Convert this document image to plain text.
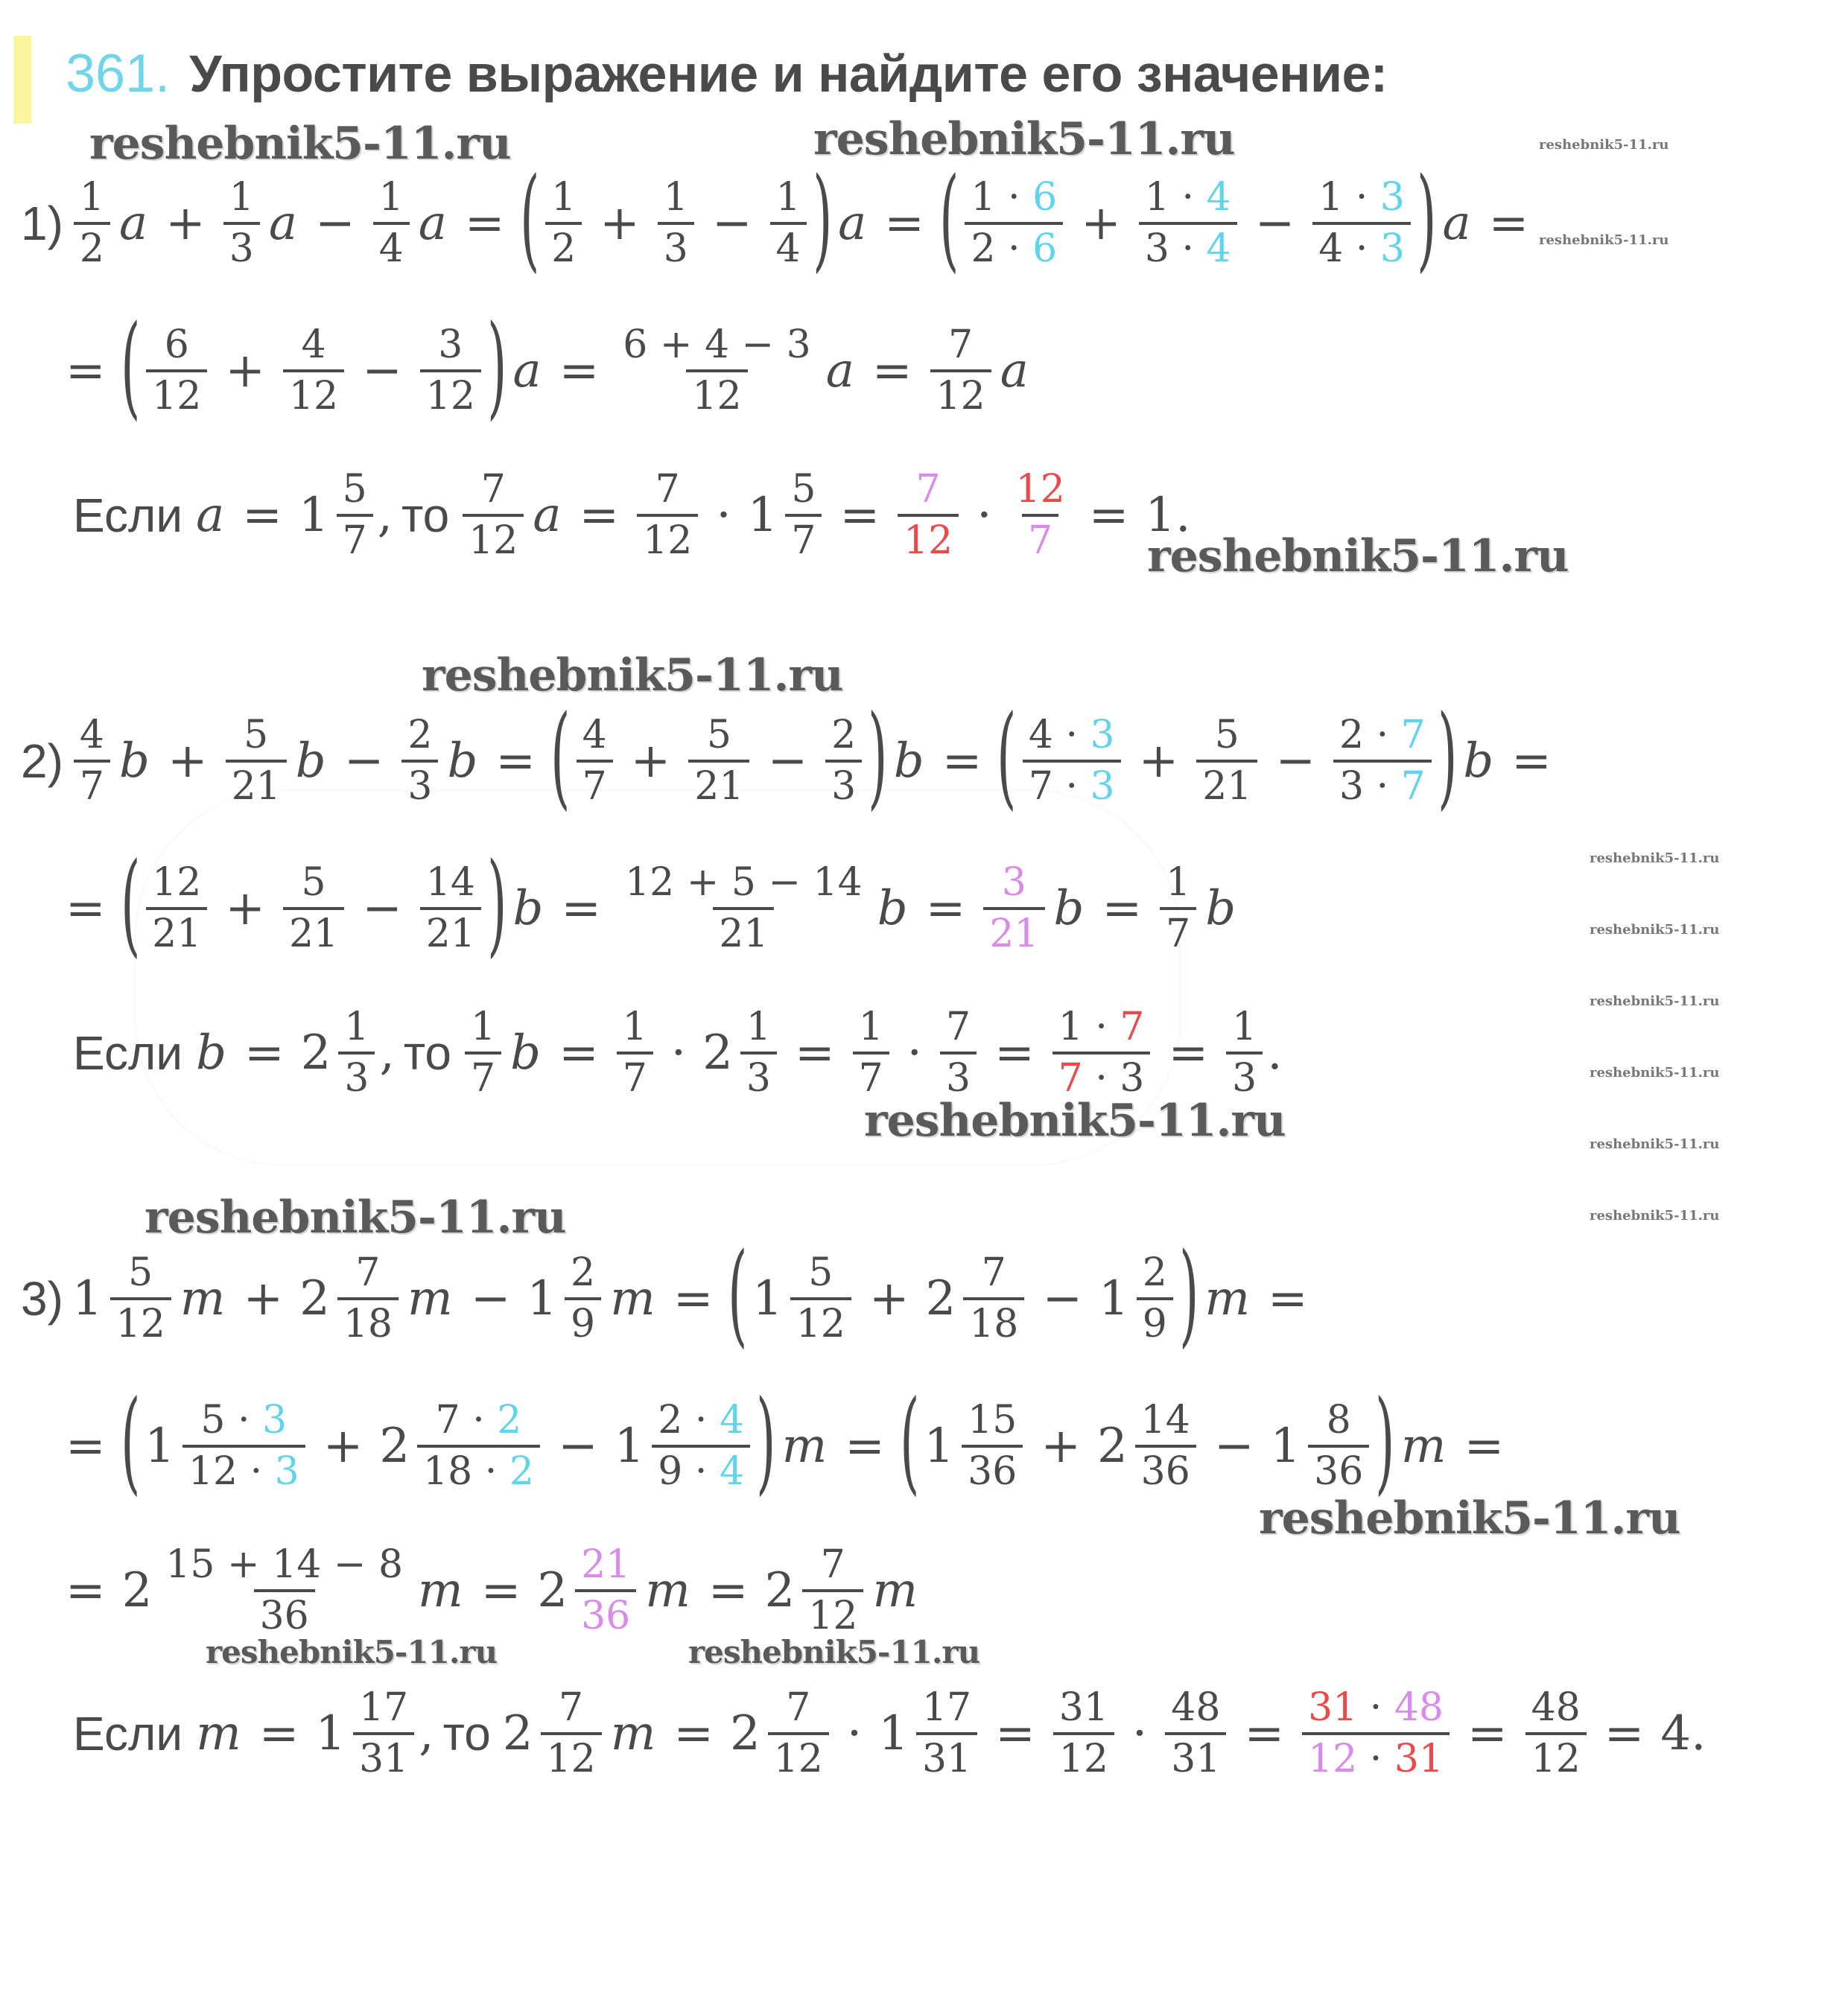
361. Упростите выражение и найдите его значение:
$1) \frac{1}{2}$ $a + \frac{1}{3}$ $a - \frac{1}{4}$ a = ( $\frac{1}{2} + \frac{1}{3} - \frac{1}{4}$ ) a = ( $\frac{1 \cdot 6}{2 \cdot 6} + \frac{1 \cdot 4}{3 \cdot 4} - \frac{1 \cdot 3}{4 \cdot 3}$ ) a =
= ( $\frac{6}{12} + \frac{4}{12} - \frac{3}{12}$ ) $a = \frac{6 + 4 - 3}{12}$ $a = \frac{7}{12}$ a
Если $a = 1 \frac{5}{7}$ , то $\frac{7}{12}$ $a = \frac{7}{12} \cdot 1 \frac{5}{7} = \frac{7}{12} \cdot \frac{12}{7} = 1$.
$2) \frac{4}{7}$ $b + \frac{5}{21}$ $b - \frac{2}{3}$ b = ( $\frac{4}{7} + \frac{5}{21} - \frac{2}{3}$ ) b = ( $\frac{4 \cdot 3}{7 \cdot 3} + \frac{5}{21} - \frac{2 \cdot 7}{3 \cdot 7}$ ) b =
= ( $\frac{12}{21} + \frac{5}{21} - \frac{14}{21}$ ) $b = \frac{12 + 5 - 14}{21}$ $b = \frac{3}{21}$ $b = \frac{1}{7}$ b
Если $b = 2 \frac{1}{3}$ , то $\frac{1}{7}$ $b = \frac{1}{7} \cdot 2 \frac{1}{3} = \frac{1}{7} \cdot \frac{7}{3} = \frac{1 \cdot 7}{7 \cdot 3} = \frac{1}{3}$ .
3) $1 \frac{5}{12}$ $m + 2 \frac{7}{18}$ $m - 1 \frac{2}{9}$ m = ( $1 \frac{5}{12} + 2 \frac{7}{18} - 1 \frac{2}{9}$ ) m =
= ( $1 \frac{5 \cdot 3}{12 \cdot 3} + 2 \frac{7 \cdot 2}{18 \cdot 2} - 1 \frac{2 \cdot 4}{9 \cdot 4}$ ) m = ( $1 \frac{15}{36} + 2 \frac{14}{36} - 1 \frac{8}{36}$ ) m =
= $2 \frac{15 + 14 - 8}{36}$ $m = 2 \frac{21}{36}$ $m = 2 \frac{7}{12}$ m
Если $m = 1 \frac{17}{31}$ , то $2 \frac{7}{12}$ $m = 2 \frac{7}{12} \cdot 1 \frac{17}{31} = \frac{31}{12} \cdot \frac{48}{31} = \frac{31 \cdot 48}{12 \cdot 31} = \frac{48}{12} = 4$.
reshebnik5-11.ru	reshebnik5-11.ru	reshebnik5-11.ru
reshebnik5-11.ru
reshebnik5-11.ru
reshebnik5-11.ru
reshebnik5-11.ru
reshebnik5-11.ru
reshebnik5-11.ru
reshebnik5-11.ru
reshebnik5-11.ru
reshebnik5-11.ru
reshebnik5-11.ru
reshebnik5-11.ru
reshebnik5-11.ru
reshebnik5-11.ru	reshebnik5-11.ru
